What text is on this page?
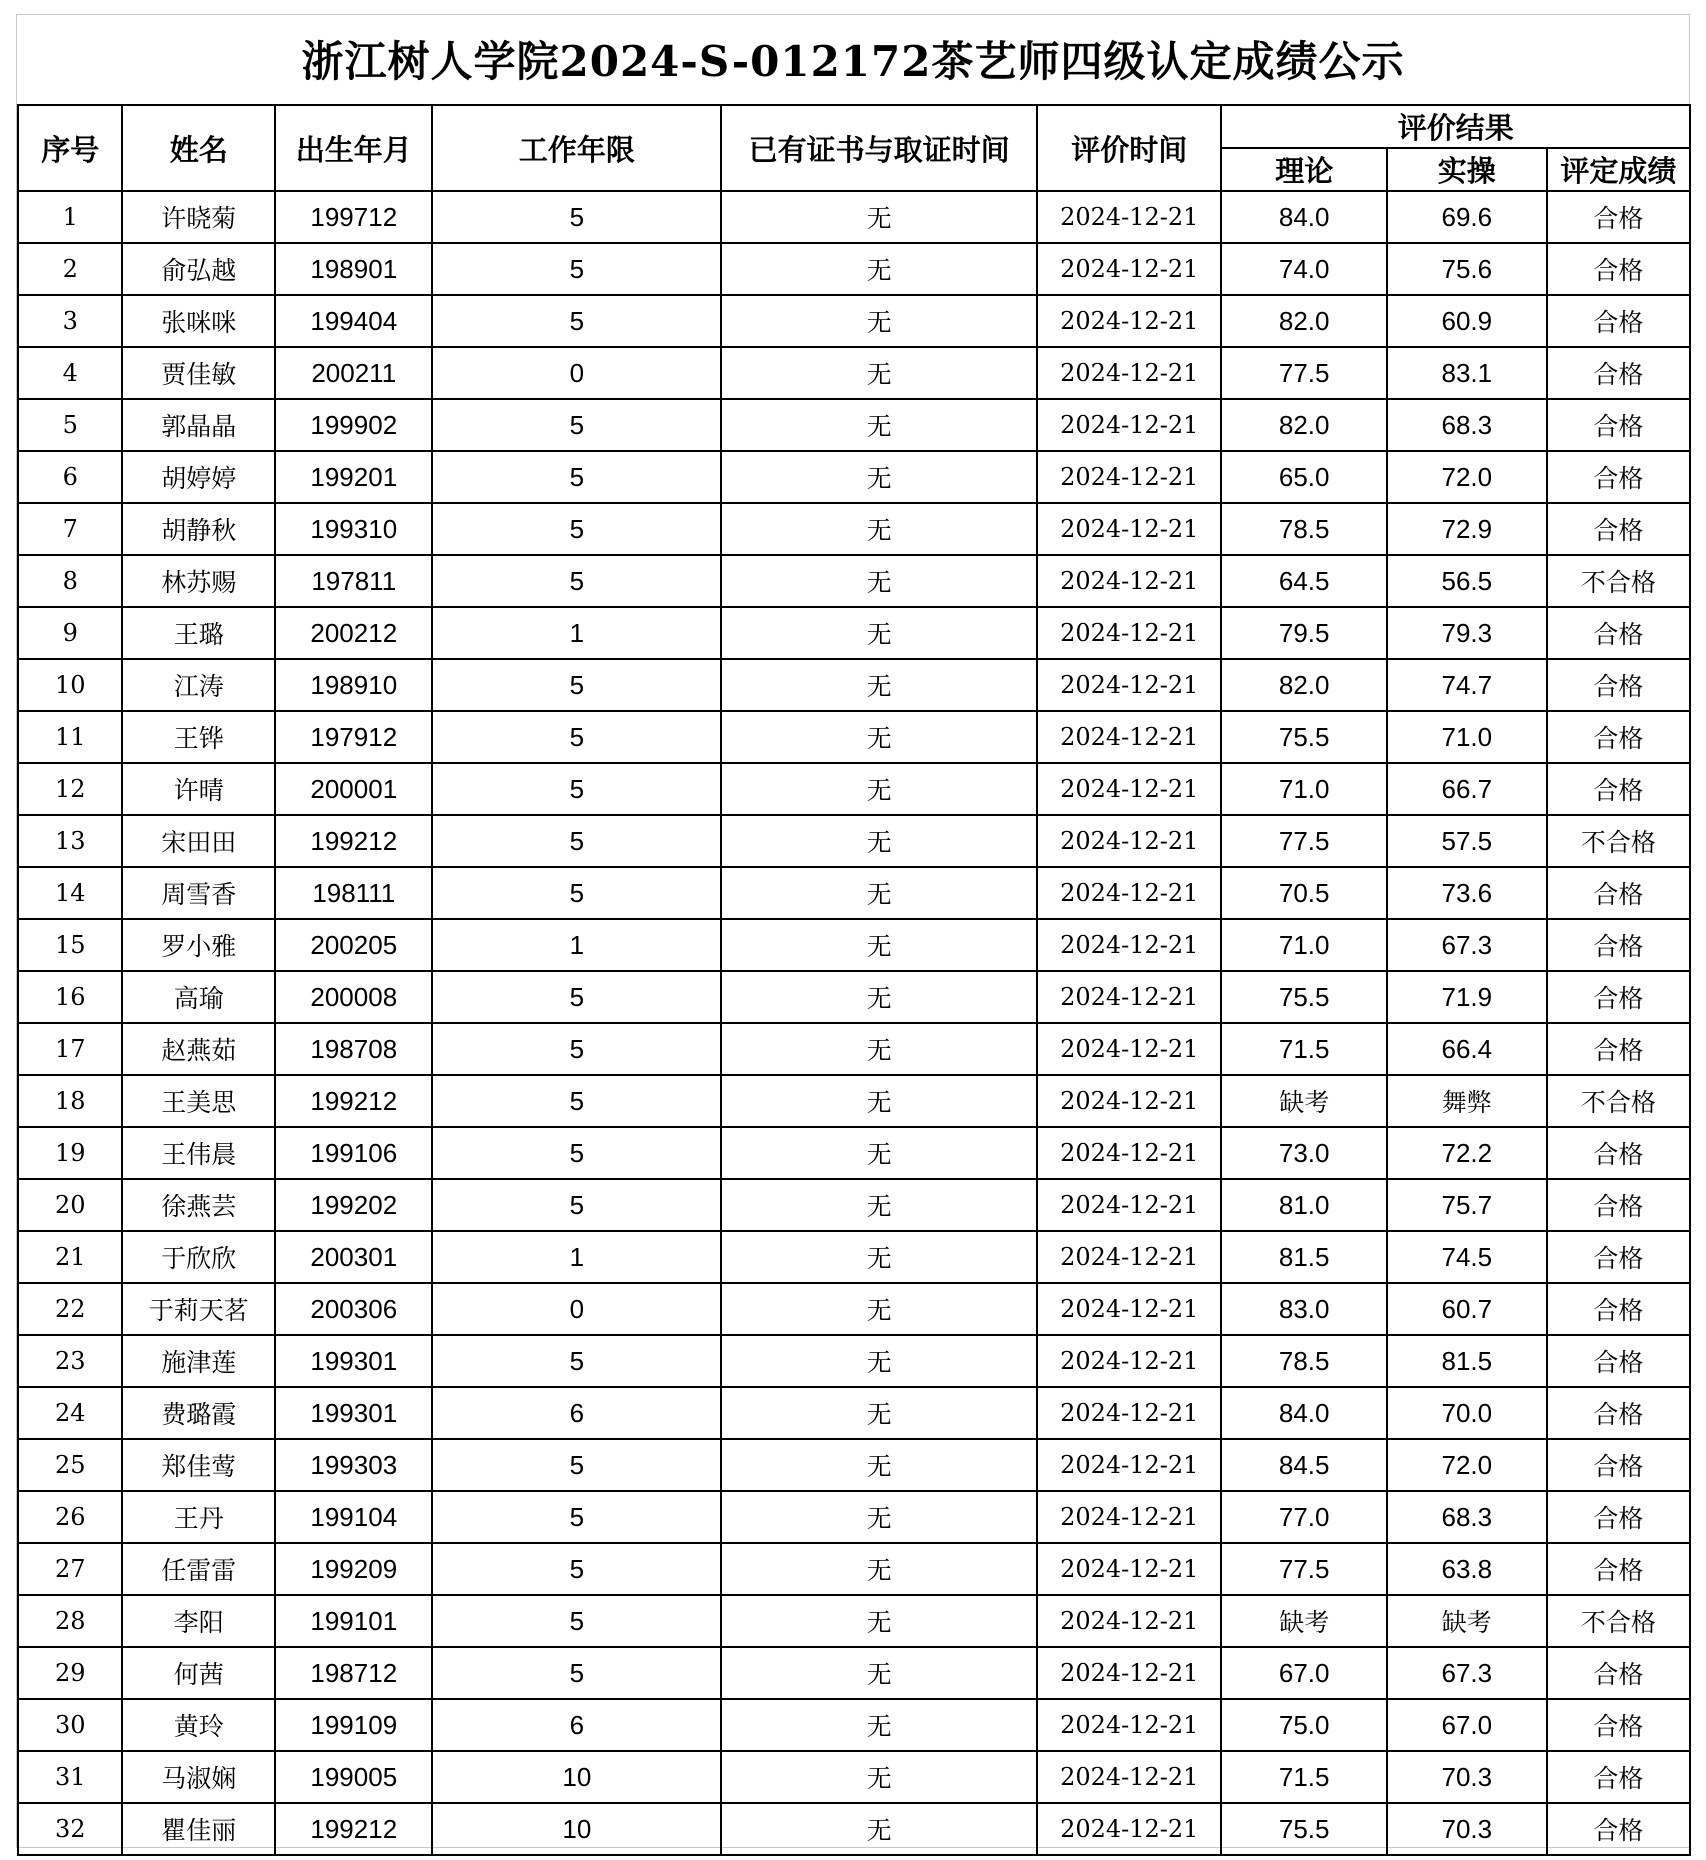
浙江树人学院2024-S-012172茶艺师四级认定成绩公示
序号	姓名	出生年月	工作年限	已有证书与取证时间	评价时间	评价结果		
						理论	实操	评定成绩
1	许晓菊	199712	5	无	2024-12-21	84.0	69.6	合格
2	俞弘越	198901	5	无	2024-12-21	74.0	75.6	合格
3	张咪咪	199404	5	无	2024-12-21	82.0	60.9	合格
4	贾佳敏	200211	0	无	2024-12-21	77.5	83.1	合格
5	郭晶晶	199902	5	无	2024-12-21	82.0	68.3	合格
6	胡婷婷	199201	5	无	2024-12-21	65.0	72.0	合格
7	胡静秋	199310	5	无	2024-12-21	78.5	72.9	合格
8	林苏赐	197811	5	无	2024-12-21	64.5	56.5	不合格
9	王璐	200212	1	无	2024-12-21	79.5	79.3	合格
10	江涛	198910	5	无	2024-12-21	82.0	74.7	合格
11	王铧	197912	5	无	2024-12-21	75.5	71.0	合格
12	许晴	200001	5	无	2024-12-21	71.0	66.7	合格
13	宋田田	199212	5	无	2024-12-21	77.5	57.5	不合格
14	周雪香	198111	5	无	2024-12-21	70.5	73.6	合格
15	罗小雅	200205	1	无	2024-12-21	71.0	67.3	合格
16	高瑜	200008	5	无	2024-12-21	75.5	71.9	合格
17	赵燕茹	198708	5	无	2024-12-21	71.5	66.4	合格
18	王美思	199212	5	无	2024-12-21	缺考	舞弊	不合格
19	王伟晨	199106	5	无	2024-12-21	73.0	72.2	合格
20	徐燕芸	199202	5	无	2024-12-21	81.0	75.7	合格
21	于欣欣	200301	1	无	2024-12-21	81.5	74.5	合格
22	于莉天茗	200306	0	无	2024-12-21	83.0	60.7	合格
23	施津莲	199301	5	无	2024-12-21	78.5	81.5	合格
24	费璐霞	199301	6	无	2024-12-21	84.0	70.0	合格
25	郑佳莺	199303	5	无	2024-12-21	84.5	72.0	合格
26	王丹	199104	5	无	2024-12-21	77.0	68.3	合格
27	任雷雷	199209	5	无	2024-12-21	77.5	63.8	合格
28	李阳	199101	5	无	2024-12-21	缺考	缺考	不合格
29	何茜	198712	5	无	2024-12-21	67.0	67.3	合格
30	黄玲	199109	6	无	2024-12-21	75.0	67.0	合格
31	马淑娴	199005	10	无	2024-12-21	71.5	70.3	合格
32	瞿佳丽	199212	10	无	2024-12-21	75.5	70.3	合格
